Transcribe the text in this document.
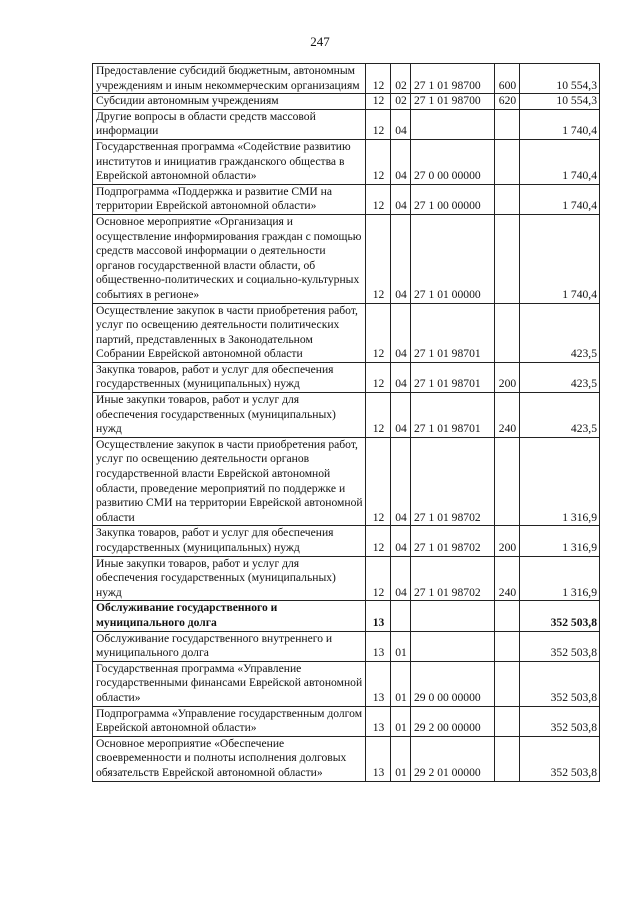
247
Предоставление субсидий бюджетным, автономным учреждениям и иным некоммерческим организациям	12	02	27 1 01 98700	600	10 554,3
Субсидии автономным учреждениям	12	02	27 1 01 98700	620	10 554,3
Другие вопросы в области средств массовой информации	12	04			1 740,4
Государственная программа «Содействие развитию институтов и инициатив гражданского общества в Еврейской автономной области»	12	04	27 0 00 00000		1 740,4
Подпрограмма «Поддержка и развитие СМИ на территории Еврейской автономной области»	12	04	27 1 00 00000		1 740,4
Основное мероприятие «Организация и осуществление информирования граждан с помощью средств массовой информации о деятельности органов государственной власти области, об общественно-политических и социально-культурных событиях в регионе»	12	04	27 1 01 00000		1 740,4
Осуществление закупок в части приобретения работ, услуг по освещению деятельности политических партий, представленных в Законодательном Собрании Еврейской автономной области	12	04	27 1 01 98701		423,5
Закупка товаров, работ и услуг для обеспечения государственных (муниципальных) нужд	12	04	27 1 01 98701	200	423,5
Иные закупки товаров, работ и услуг для обеспечения государственных (муниципальных) нужд	12	04	27 1 01 98701	240	423,5
Осуществление закупок в части приобретения работ, услуг по освещению деятельности органов государственной власти Еврейской автономной области, проведение мероприятий по поддержке и развитию СМИ на территории Еврейской автономной области	12	04	27 1 01 98702		1 316,9
Закупка товаров, работ и услуг для обеспечения государственных (муниципальных) нужд	12	04	27 1 01 98702	200	1 316,9
Иные закупки товаров, работ и услуг для обеспечения государственных (муниципальных) нужд	12	04	27 1 01 98702	240	1 316,9
Обслуживание государственного и муниципального долга	13				352 503,8
Обслуживание государственного внутреннего и муниципального долга	13	01			352 503,8
Государственная программа «Управление государственными финансами Еврейской автономной области»	13	01	29 0 00 00000		352 503,8
Подпрограмма «Управление государственным долгом Еврейской автономной области»	13	01	29 2 00 00000		352 503,8
Основное мероприятие «Обеспечение своевременности и полноты исполнения долговых обязательств Еврейской автономной области»	13	01	29 2 01 00000		352 503,8
